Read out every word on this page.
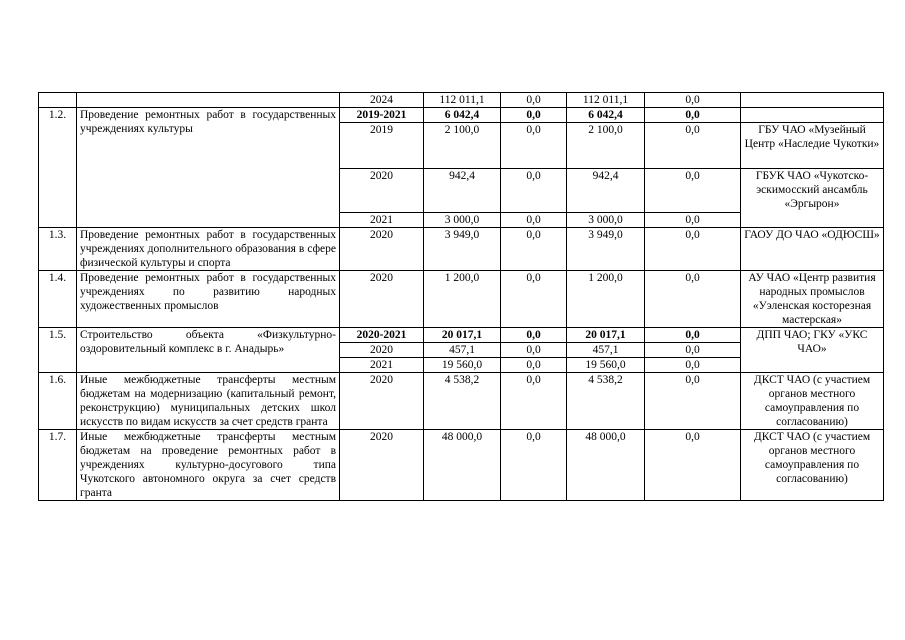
		2024	112 011,1	0,0	112 011,1	0,0	
1.2.	Проведение ремонтных работ в государственных учреждениях культуры	2019-2021	6 042,4	0,0	6 042,4	0,0	
		2019	2 100,0	0,0	2 100,0	0,0	ГБУ ЧАО «Музейный Центр «Наследие Чукотки»
		2020	942,4	0,0	942,4	0,0	ГБУК ЧАО «Чукотско-эскимосский ансамбль «Эргырон»
		2021	3 000,0	0,0	3 000,0	0,0	
1.3.	Проведение ремонтных работ в государственных учреждениях дополнительного образования в сфере физической культуры и спорта	2020	3 949,0	0,0	3 949,0	0,0	ГАОУ ДО ЧАО «ОДЮСШ»
1.4.	Проведение ремонтных работ в государственных учреждениях по развитию народных художественных промыслов	2020	1 200,0	0,0	1 200,0	0,0	АУ ЧАО «Центр развития народных промыслов «Уэленская косторезная мастерская»
1.5.	Строительство объекта «Физкультурно-оздоровительный комплекс в г. Анадырь»	2020-2021	20 017,1	0,0	20 017,1	0,0	ДПП ЧАО; ГКУ «УКС ЧАО»
		2020	457,1	0,0	457,1	0,0	
		2021	19 560,0	0,0	19 560,0	0,0	
1.6.	Иные межбюджетные трансферты местным бюджетам на модернизацию (капитальный ремонт, реконструкцию) муниципальных детских школ искусств по видам искусств за счет средств гранта	2020	4 538,2	0,0	4 538,2	0,0	ДКСТ ЧАО (с участием органов местного самоуправления по согласованию)
1.7.	Иные межбюджетные трансферты местным бюджетам на проведение ремонтных работ в учреждениях культурно-досугового типа Чукотского автономного округа за счет средств гранта	2020	48 000,0	0,0	48 000,0	0,0	ДКСТ ЧАО (с участием органов местного самоуправления по согласованию)
